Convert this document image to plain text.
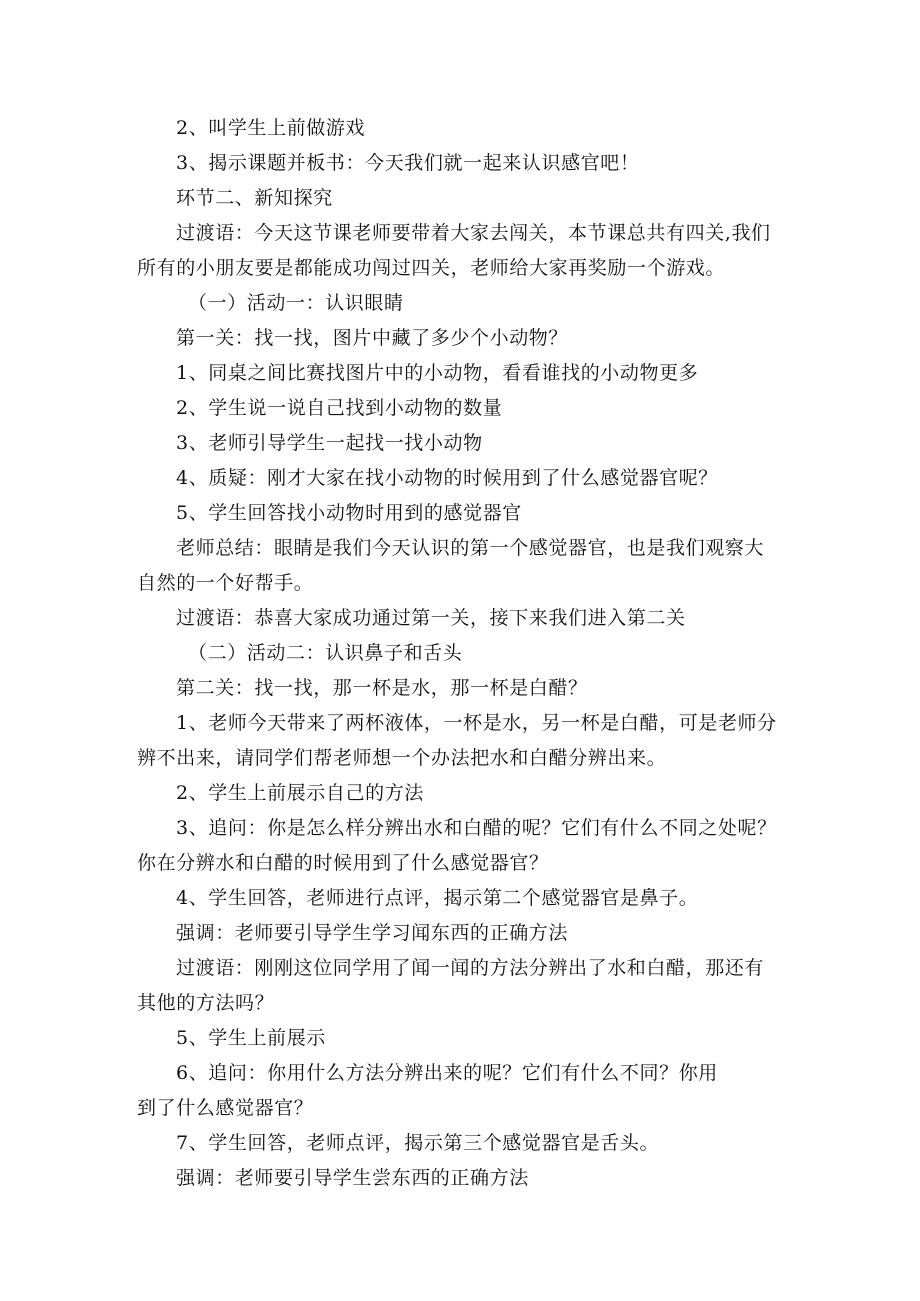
2、叫学生上前做游戏
3、揭示课题并板书：今天我们就一起来认识感官吧！
环节二、新知探究
过渡语：今天这节课老师要带着大家去闯关，本节课总共有四关,我们
所有的小朋友要是都能成功闯过四关，老师给大家再奖励一个游戏。
（一）活动一：认识眼睛
第一关：找一找，图片中藏了多少个小动物？
1、同桌之间比赛找图片中的小动物，看看谁找的小动物更多
2、学生说一说自己找到小动物的数量
3、老师引导学生一起找一找小动物
4、质疑：刚才大家在找小动物的时候用到了什么感觉器官呢？
5、学生回答找小动物时用到的感觉器官
老师总结：眼睛是我们今天认识的第一个感觉器官，也是我们观察大
自然的一个好帮手。
过渡语：恭喜大家成功通过第一关，接下来我们进入第二关
（二）活动二：认识鼻子和舌头
第二关：找一找，那一杯是水，那一杯是白醋？
1、老师今天带来了两杯液体，一杯是水，另一杯是白醋，可是老师分
辨不出来，请同学们帮老师想一个办法把水和白醋分辨出来。
2、学生上前展示自己的方法
3、追问：你是怎么样分辨出水和白醋的呢？它们有什么不同之处呢？
你在分辨水和白醋的时候用到了什么感觉器官？
4、学生回答，老师进行点评，揭示第二个感觉器官是鼻子。
强调：老师要引导学生学习闻东西的正确方法
过渡语：刚刚这位同学用了闻一闻的方法分辨出了水和白醋，那还有
其他的方法吗？
5、学生上前展示
6、追问：你用什么方法分辨出来的呢？它们有什么不同？你用
到了什么感觉器官？
7、学生回答，老师点评，揭示第三个感觉器官是舌头。
强调：老师要引导学生尝东西的正确方法
